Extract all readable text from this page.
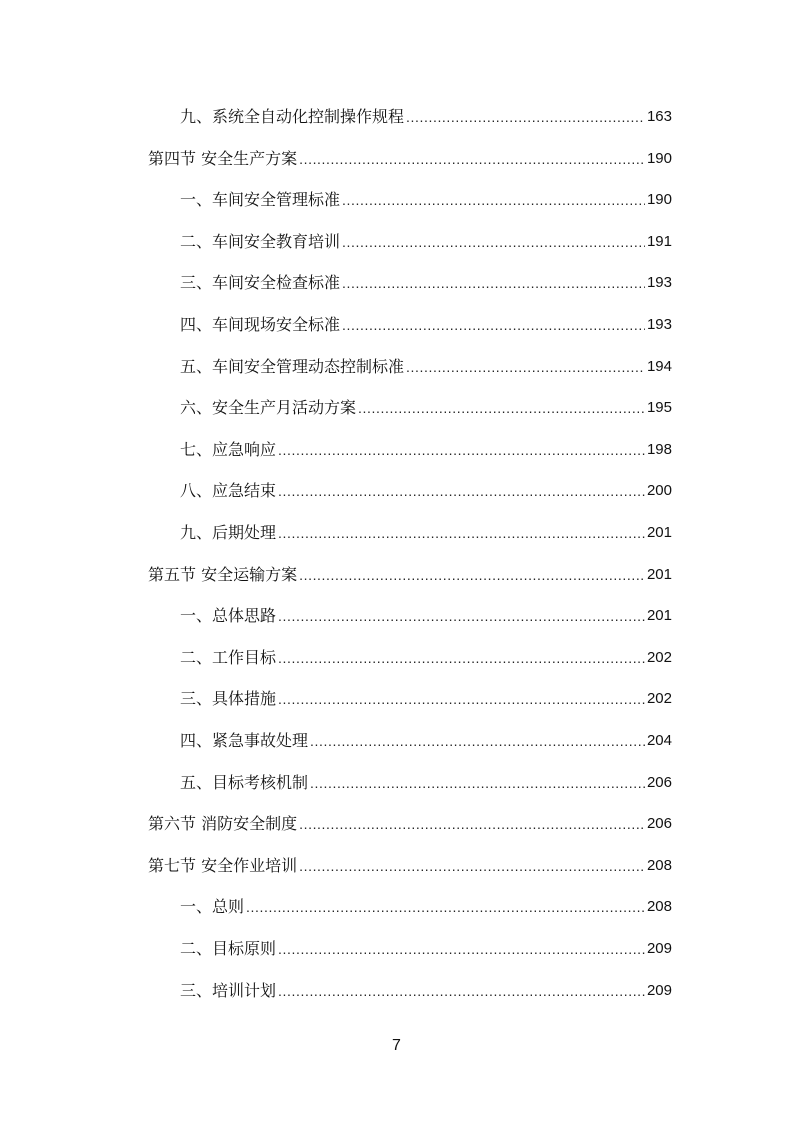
九、系统全自动化控制操作规程 .....	163
第四节 安全生产方案 .....	190
一、车间安全管理标准 .....	190
二、车间安全教育培训 .....	191
三、车间安全检查标准 .....	193
四、车间现场安全标准 .....	193
五、车间安全管理动态控制标准 .....	194
六、安全生产月活动方案 .....	195
七、应急响应 .....	198
八、应急结束 .....	200
九、后期处理 .....	201
第五节 安全运输方案 .....	201
一、总体思路 .....	201
二、工作目标 .....	202
三、具体措施 .....	202
四、紧急事故处理 .....	204
五、目标考核机制 .....	206
第六节 消防安全制度 .....	206
第七节 安全作业培训 .....	208
一、总则 .....	208
二、目标原则 .....	209
三、培训计划 .....	209
7
